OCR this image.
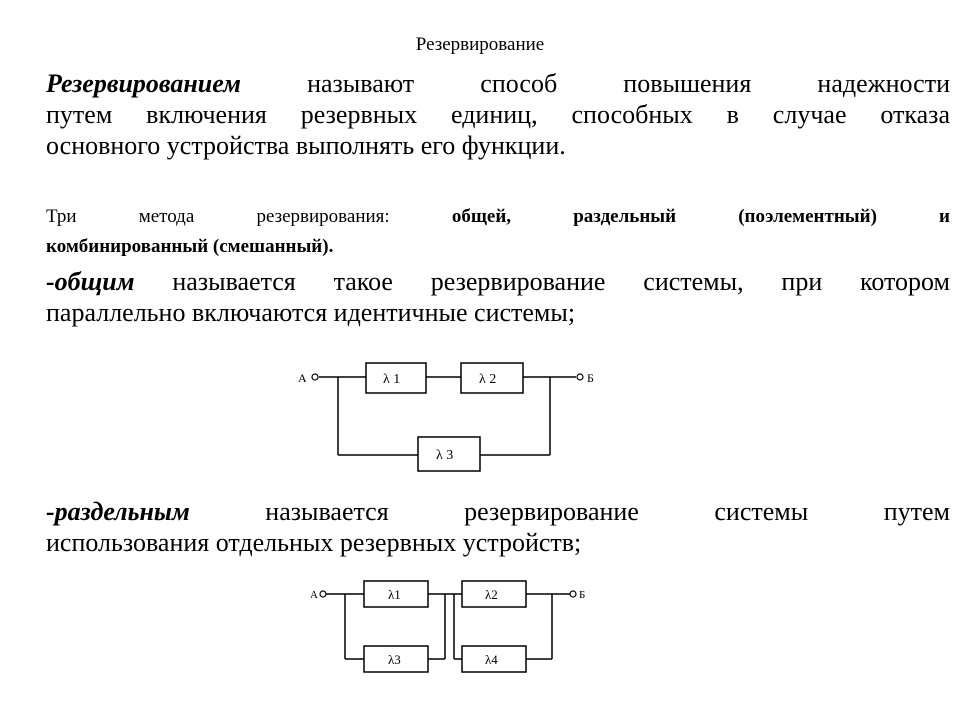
Резервирование
Резервированием	называют способ повышения надежности
путем включения резервных единиц, способных в случае отказа
основного устройства выполнять его функции.
Три метода резервирования:	общей, раздельный (поэлементный) и
комбинированный (смешанный).
-общим называется такое резервирование системы, при котором
параллельно включаются идентичные системы;
А	Б
λ 1	λ 2
λ 3
-раздельным	называется резервирование системы путем
использования отдельных резервных устройств;
А	Б
λ1	λ2
λ3	λ4
